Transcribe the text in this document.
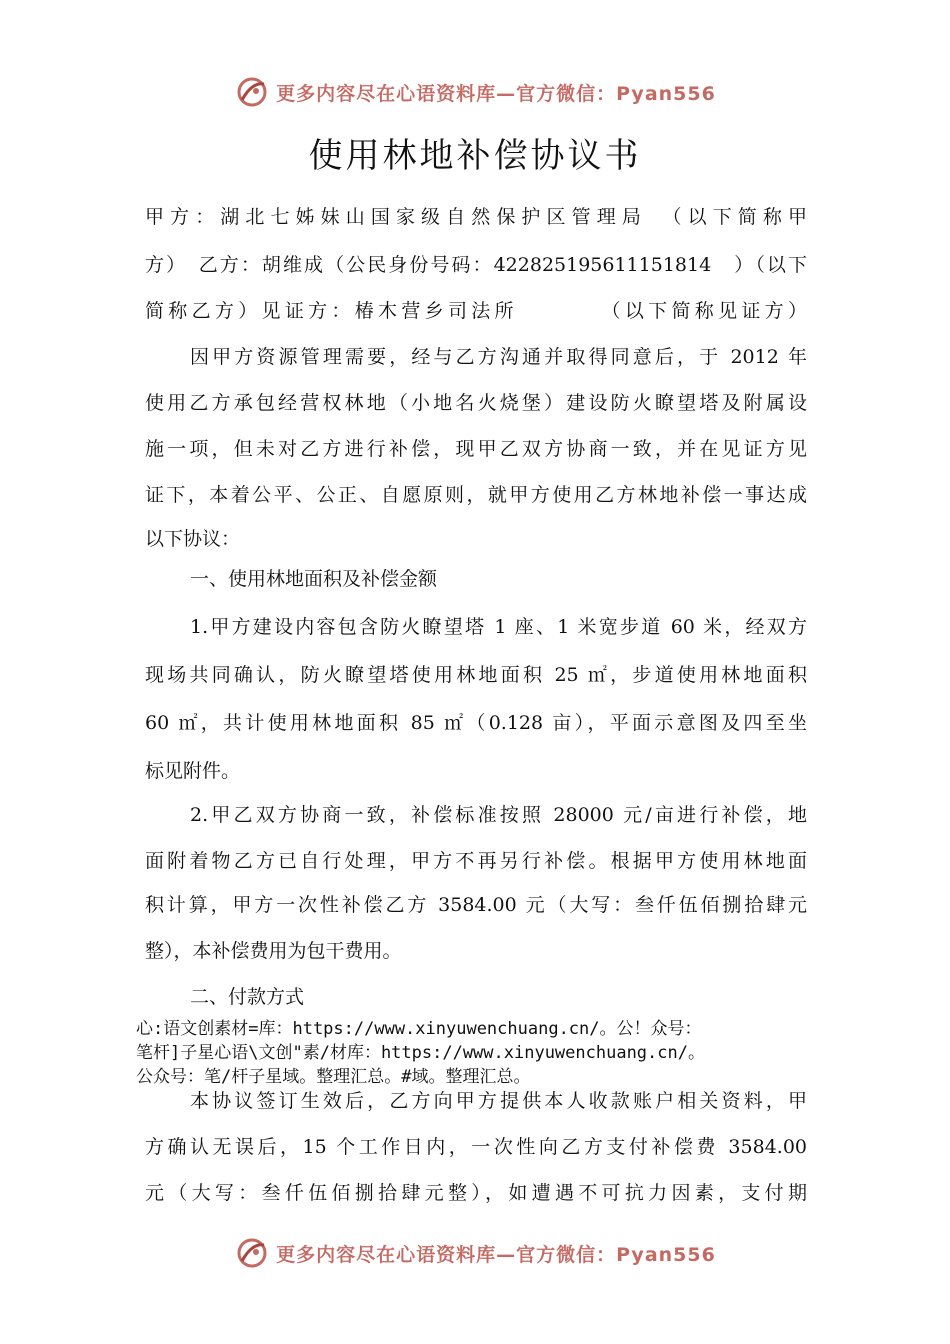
更多内容尽在心语资料库—官方微信：Pyan556
使用林地补偿协议书
甲方：湖北七姊妹山国家级自然保护区管理局　（以下简称甲
方）　乙方：胡维成（公民身份号码：422825195611151814　）（以下
简称乙方）见证方：椿木营乡司法所　　　　（以下简称见证方）
因甲方资源管理需要，经与乙方沟通并取得同意后，于 2012 年
使用乙方承包经营权林地（小地名火烧堡）建设防火瞭望塔及附属设
施一项，但未对乙方进行补偿，现甲乙双方协商一致，并在见证方见
证下，本着公平、公正、自愿原则，就甲方使用乙方林地补偿一事达成
以下协议：
一、使用林地面积及补偿金额
1.甲方建设内容包含防火瞭望塔 1 座、1 米宽步道 60 米，经双方
现场共同确认，防火瞭望塔使用林地面积 25 ㎡，步道使用林地面积
60 ㎡，共计使用林地面积 85 ㎡（0.128 亩），平面示意图及四至坐
标见附件。
2.甲乙双方协商一致，补偿标准按照 28000 元/亩进行补偿，地
面附着物乙方已自行处理，甲方不再另行补偿。根据甲方使用林地面
积计算，甲方一次性补偿乙方 3584.00 元（大写：叁仟伍佰捌拾肆元
整），本补偿费用为包干费用。
二、付款方式
心:语文创素材=库：https://www.xinyuwenchuang.cn/。公！众号：
笔杆]子星心语\文创"素/材库：https://www.xinyuwenchuang.cn/。
公众号：笔/杆子星域。整理汇总。#域。整理汇总。
本协议签订生效后，乙方向甲方提供本人收款账户相关资料，甲
方确认无误后，15 个工作日内，一次性向乙方支付补偿费 3584.00
元（大写：叁仟伍佰捌拾肆元整），如遭遇不可抗力因素，支付期
更多内容尽在心语资料库—官方微信：Pyan556
